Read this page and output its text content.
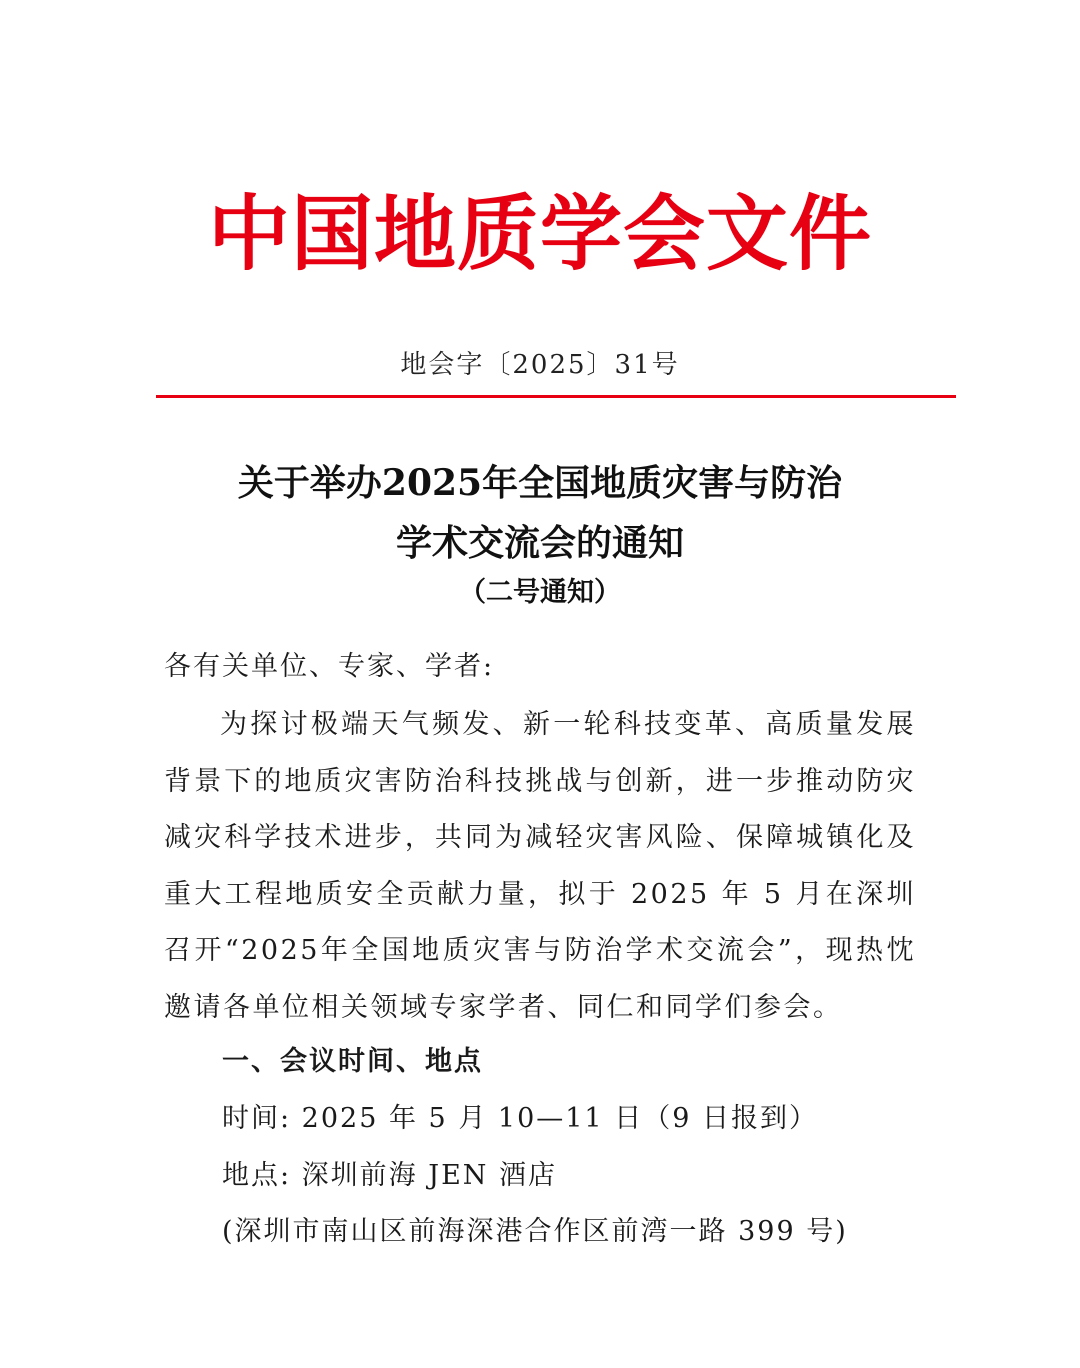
中国地质学会文件
地会字〔2025〕31号
关于举办2025年全国地质灾害与防治
学术交流会的通知
（二号通知）
各有关单位、专家、学者:
为探讨极端天气频发、新一轮科技变革、高质量发展背景下的地质灾害防治科技挑战与创新，进一步推动防灾减灾科学技术进步，共同为减轻灾害风险、保障城镇化及重大工程地质安全贡献力量，拟于 2025 年 5 月在深圳召开“2025年全国地质灾害与防治学术交流会”，现热忱邀请各单位相关领域专家学者、同仁和同学们参会。
一、会议时间、地点
时间: 2025 年 5 月 10—11 日（9 日报到）
地点: 深圳前海 JEN 酒店
(深圳市南山区前海深港合作区前湾一路 399 号)
